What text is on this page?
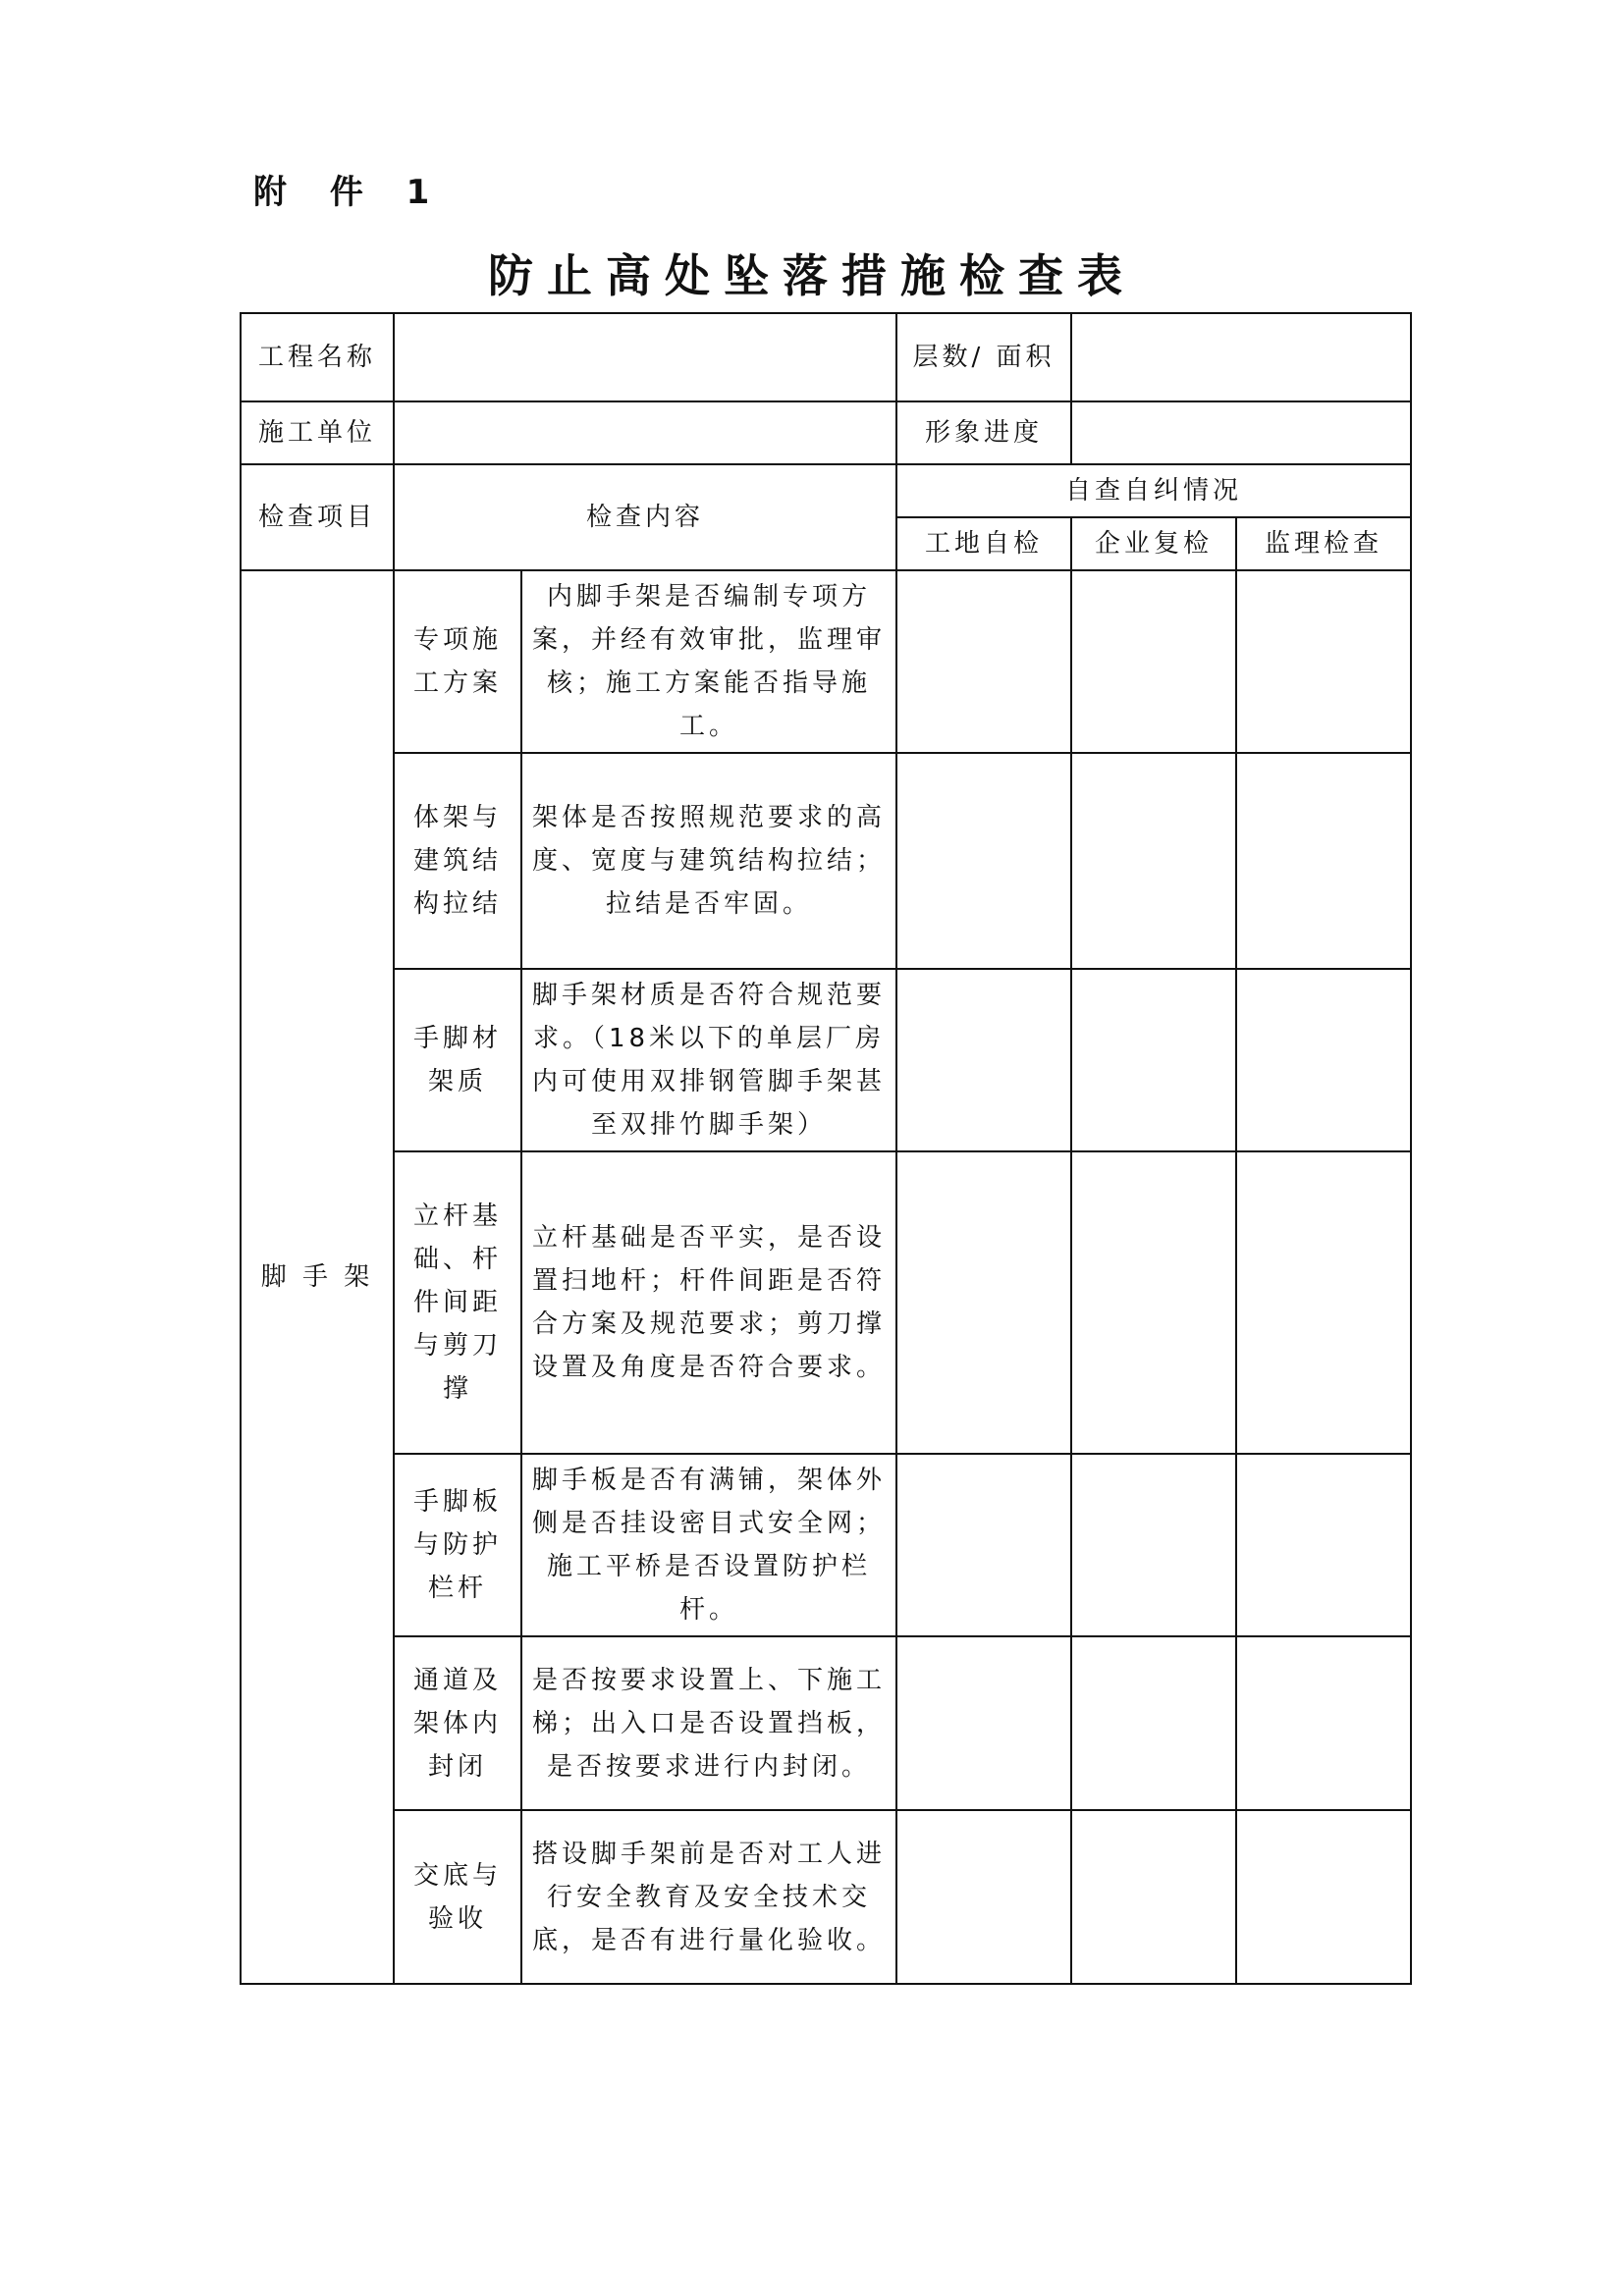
附 件 1
防止高处坠落措施检查表
工程名称			层数/ 面积		
施工单位			形象进度		
检查项目	检查内容		自查自纠情况		
			工地自检	企业复检	监理检查
脚 手 架	专项施工方案	内脚手架是否编制专项方案，并经有效审批，监理审核；施工方案能否指导施工。			
	体架与建筑结构拉结	架体是否按照规范要求的高度、宽度与建筑结构拉结；拉结是否牢固。			
	手脚材架质	脚手架材质是否符合规范要求。（18米以下的单层厂房内可使用双排钢管脚手架甚至双排竹脚手架）			
	立杆基础、杆件间距与剪刀撑	立杆基础是否平实，是否设置扫地杆；杆件间距是否符合方案及规范要求；剪刀撑设置及角度是否符合要求。			
	手脚板与防护栏杆	脚手板是否有满铺，架体外侧是否挂设密目式安全网；施工平桥是否设置防护栏杆。			
	通道及架体内封闭	是否按要求设置上、下施工梯；出入口是否设置挡板，是否按要求进行内封闭。			
	交底与验收	搭设脚手架前是否对工人进行安全教育及安全技术交底，是否有进行量化验收。			
